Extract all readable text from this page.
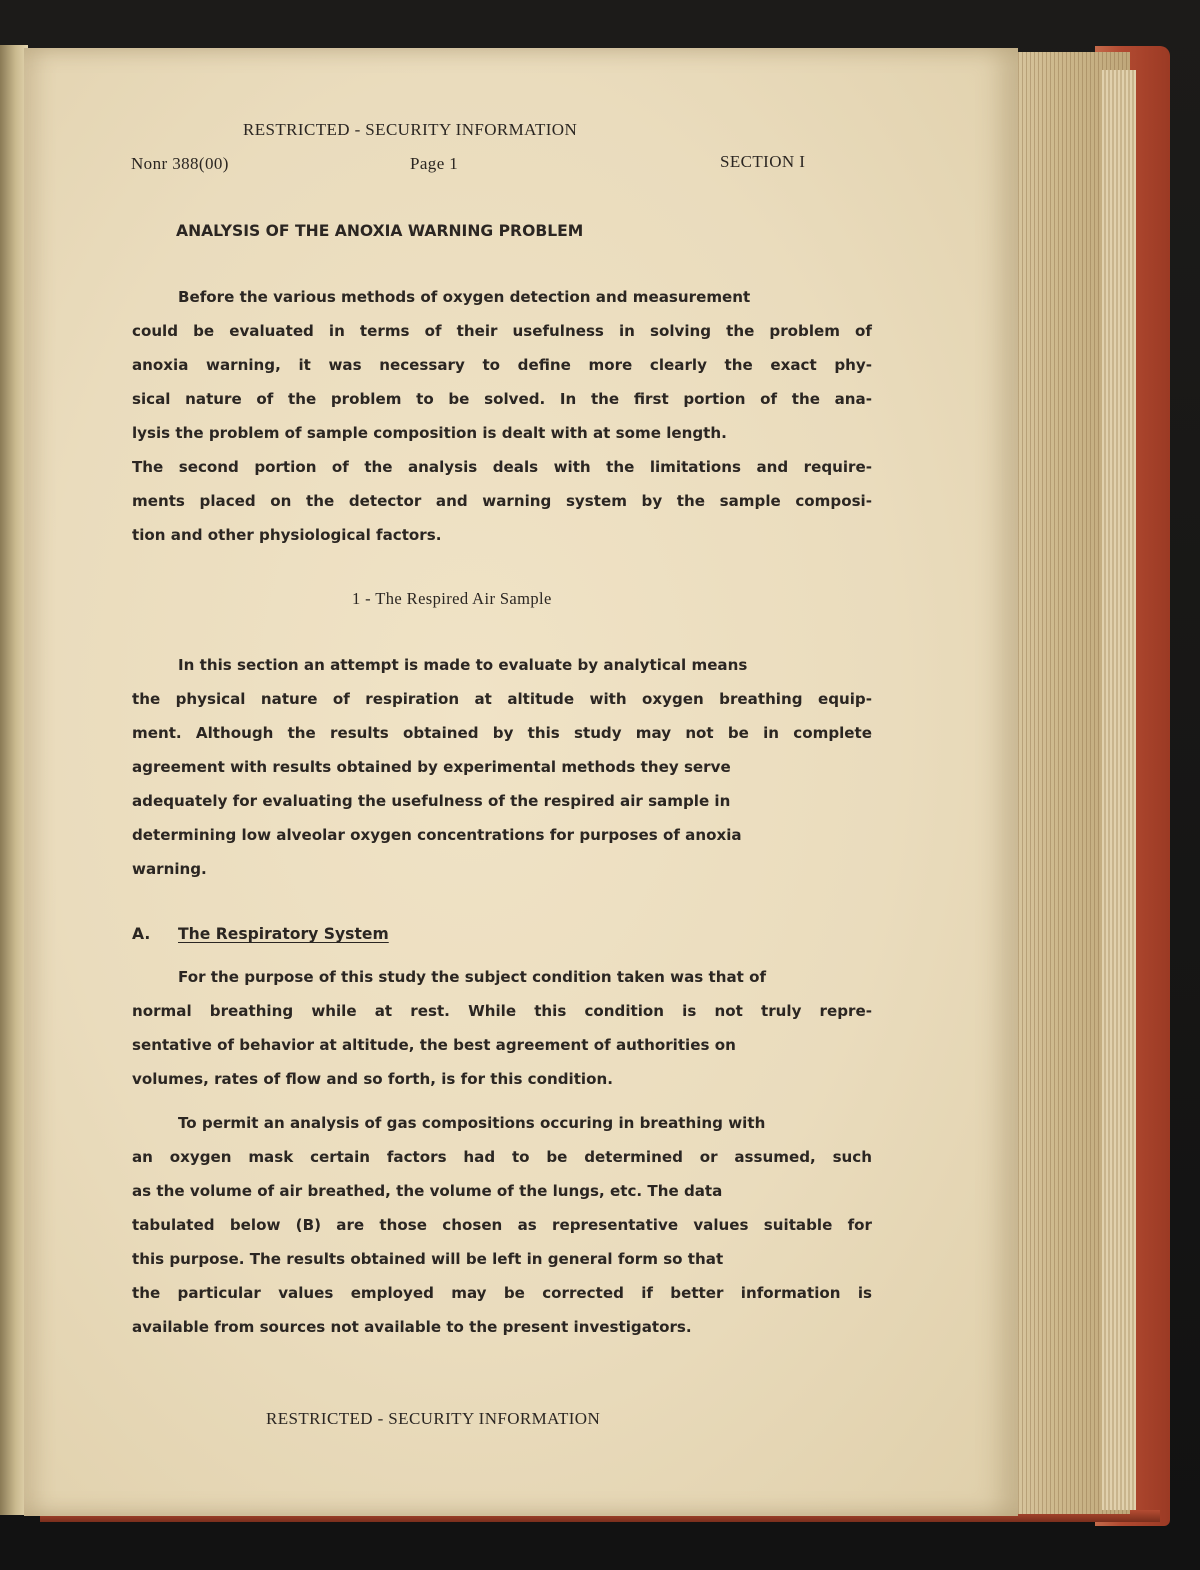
RESTRICTED - SECURITY INFORMATION
Nonr 388(00)	Page 1	SECTION I
ANALYSIS OF THE ANOXIA WARNING PROBLEM
Before the various methods of oxygen detection and measurement
could be evaluated in terms of their usefulness in solving the problem of
anoxia warning, it was necessary to define more clearly the exact phy-
sical nature of the problem to be solved. In the first portion of the ana-
lysis the problem of sample composition is dealt with at some length.
The second portion of the analysis deals with the limitations and require-
ments placed on the detector and warning system by the sample composi-
tion and other physiological factors.
1 - The Respired Air Sample
In this section an attempt is made to evaluate by analytical means
the physical nature of respiration at altitude with oxygen breathing equip-
ment. Although the results obtained by this study may not be in complete
agreement with results obtained by experimental methods they serve
adequately for evaluating the usefulness of the respired air sample in
determining low alveolar oxygen concentrations for purposes of anoxia
warning.
A. The Respiratory System
For the purpose of this study the subject condition taken was that of
normal breathing while at rest. While this condition is not truly repre-
sentative of behavior at altitude, the best agreement of authorities on
volumes, rates of flow and so forth, is for this condition.
To permit an analysis of gas compositions occuring in breathing with
an oxygen mask certain factors had to be determined or assumed, such
as the volume of air breathed, the volume of the lungs, etc. The data
tabulated below (B) are those chosen as representative values suitable for
this purpose. The results obtained will be left in general form so that
the particular values employed may be corrected if better information is
available from sources not available to the present investigators.
RESTRICTED - SECURITY INFORMATION
